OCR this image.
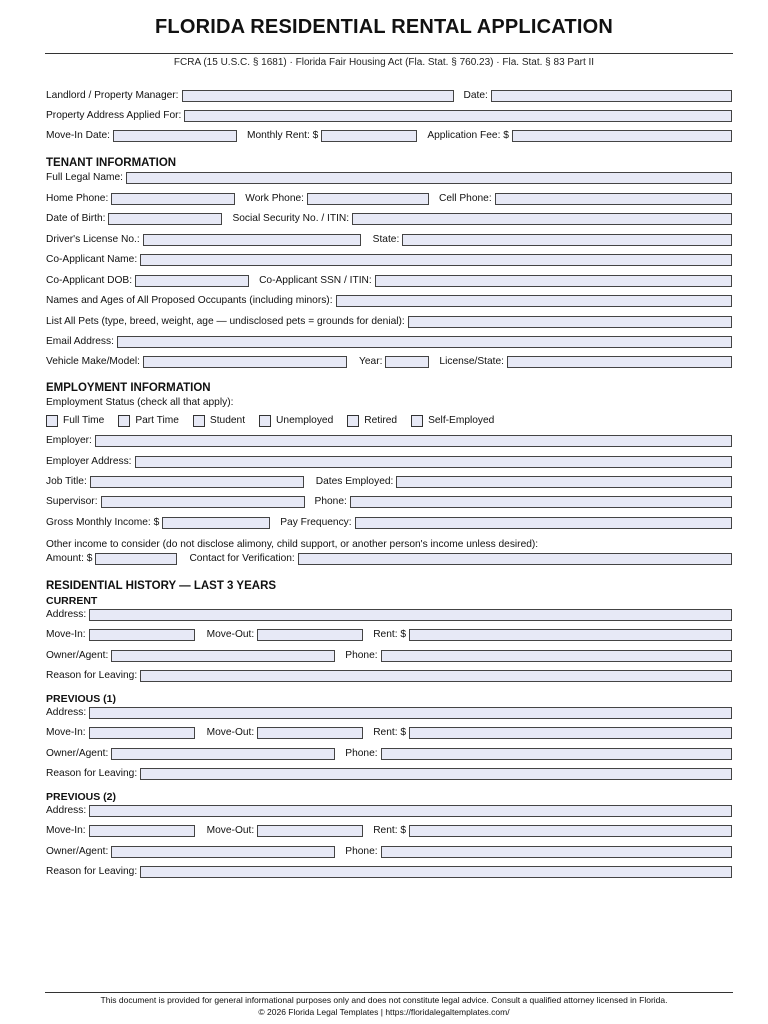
FLORIDA RESIDENTIAL RENTAL APPLICATION
FCRA (15 U.S.C. § 1681) · Florida Fair Housing Act (Fla. Stat. § 760.23) · Fla. Stat. § 83 Part II
Landlord / Property Manager:	Date:
Property Address Applied For:
Move-In Date:	Monthly Rent: $	Application Fee: $
TENANT INFORMATION
Full Legal Name:
Home Phone:	Work Phone:	Cell Phone:
Date of Birth:	Social Security No. / ITIN:
Driver's License No.:	State:
Co-Applicant Name:
Co-Applicant DOB:	Co-Applicant SSN / ITIN:
Names and Ages of All Proposed Occupants (including minors):
List All Pets (type, breed, weight, age — undisclosed pets = grounds for denial):
Email Address:
Vehicle Make/Model:	Year:	License/State:
EMPLOYMENT INFORMATION
Employment Status (check all that apply):
Full Time	Part Time	Student	Unemployed	Retired	Self-Employed
Employer:
Employer Address:
Job Title:	Dates Employed:
Supervisor:	Phone:
Gross Monthly Income: $	Pay Frequency:
Other income to consider (do not disclose alimony, child support, or another person's income unless desired):
Amount: $	Contact for Verification:
RESIDENTIAL HISTORY — LAST 3 YEARS
CURRENT
Address:
Move-In:	Move-Out:	Rent: $
Owner/Agent:	Phone:
Reason for Leaving:
PREVIOUS (1)
Address:
Move-In:	Move-Out:	Rent: $
Owner/Agent:	Phone:
Reason for Leaving:
PREVIOUS (2)
Address:
Move-In:	Move-Out:	Rent: $
Owner/Agent:	Phone:
Reason for Leaving:
This document is provided for general informational purposes only and does not constitute legal advice. Consult a qualified attorney licensed in Florida.
© 2026 Florida Legal Templates | https://floridalegaltemplates.com/
